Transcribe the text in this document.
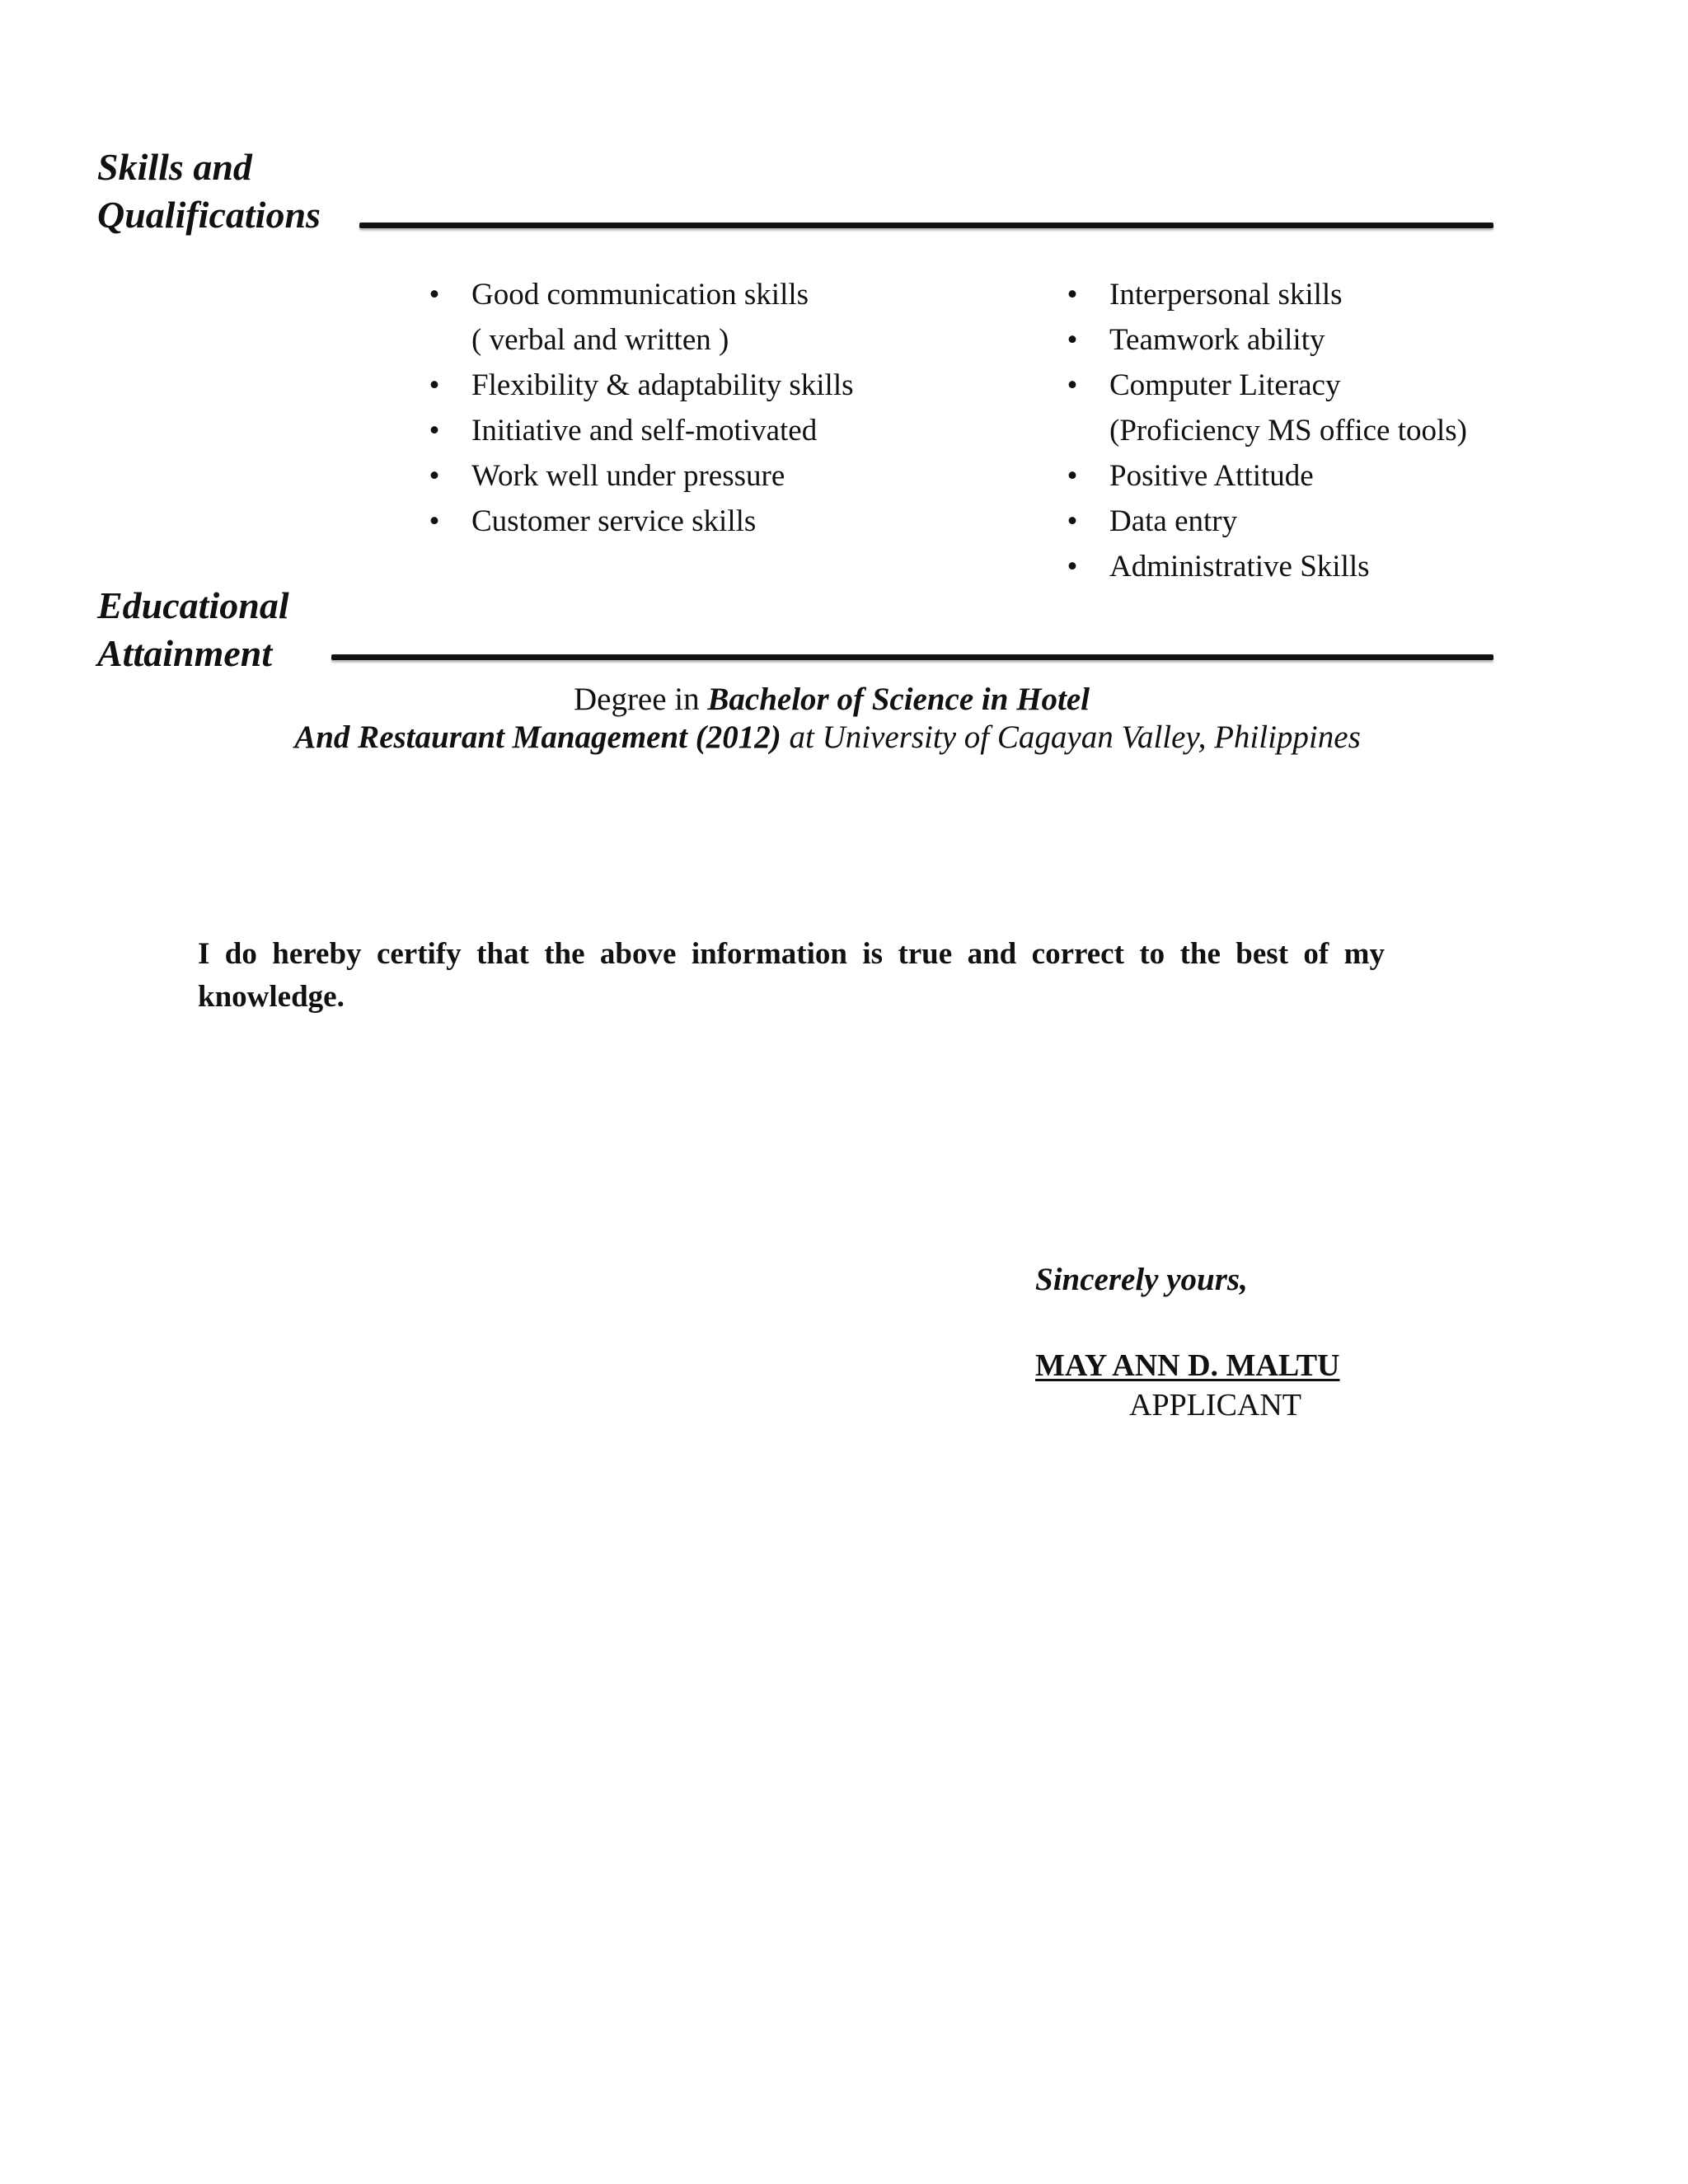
Skills and
Qualifications
• Good communication skills
( verbal and written )
• Flexibility & adaptability skills
• Initiative and self-motivated
• Work well under pressure
• Customer service skills
• Interpersonal skills
• Teamwork ability
• Computer Literacy
(Proficiency MS office tools)
• Positive Attitude
• Data entry
• Administrative Skills
Educational
Attainment
Degree in Bachelor of Science in Hotel
And Restaurant Management (2012) at University of Cagayan Valley, Philippines

I do hereby certify that the above information is true and correct to the best of my knowledge.

Sincerely yours,
MAY ANN D. MALTU
APPLICANT
